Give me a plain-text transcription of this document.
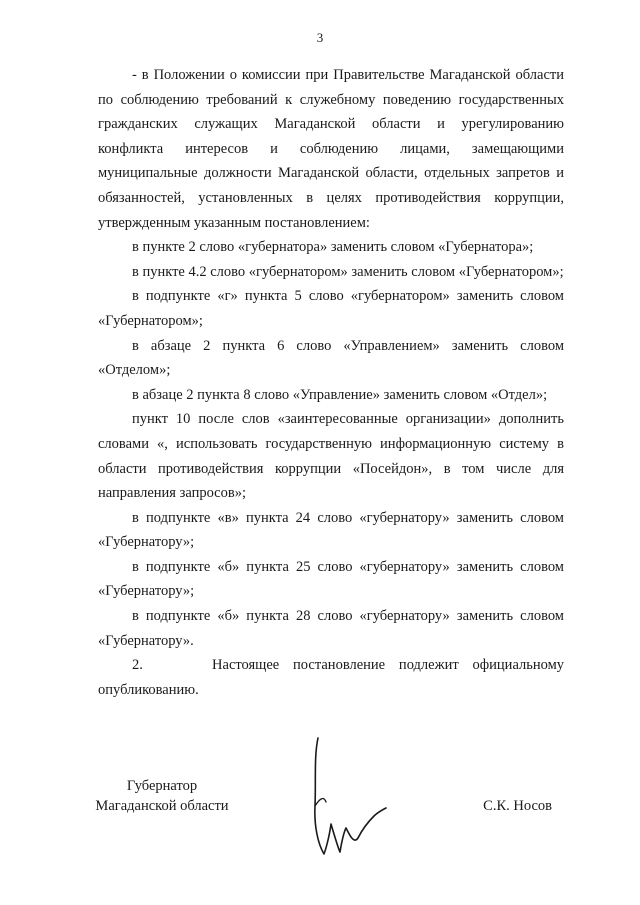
3

- в Положении о комиссии при Правительстве Магаданской области по соблюдению требований к служебному поведению государственных гражданских служащих Магаданской области и урегулированию конфликта интересов и соблюдению лицами, замещающими муниципальные должности Магаданской области, отдельных запретов и обязанностей, установленных в целях противодействия коррупции, утвержденным указанным постановлением:

в пункте 2 слово «губернатора» заменить словом «Губернатора»;

в пункте 4.2 слово «губернатором» заменить словом «Губернатором»;

в подпункте «г» пункта 5 слово «губернатором» заменить словом «Губернатором»;

в абзаце 2 пункта 6 слово «Управлением» заменить словом «Отделом»;

в абзаце 2 пункта 8 слово «Управление» заменить словом «Отдел»;

пункт 10 после слов «заинтересованные организации» дополнить словами «, использовать государственную информационную систему в области противодействия коррупции «Посейдон», в том числе для направления запросов»;

в подпункте «в» пункта 24 слово «губернатору» заменить словом «Губернатору»;

в подпункте «б» пункта 25 слово «губернатору» заменить словом «Губернатору»;

в подпункте «б» пункта 28 слово «губернатору» заменить словом «Губернатору».

2.	Настоящее постановление подлежит официальному опубликованию.

Губернатор
Магаданской области	С.К. Носов
